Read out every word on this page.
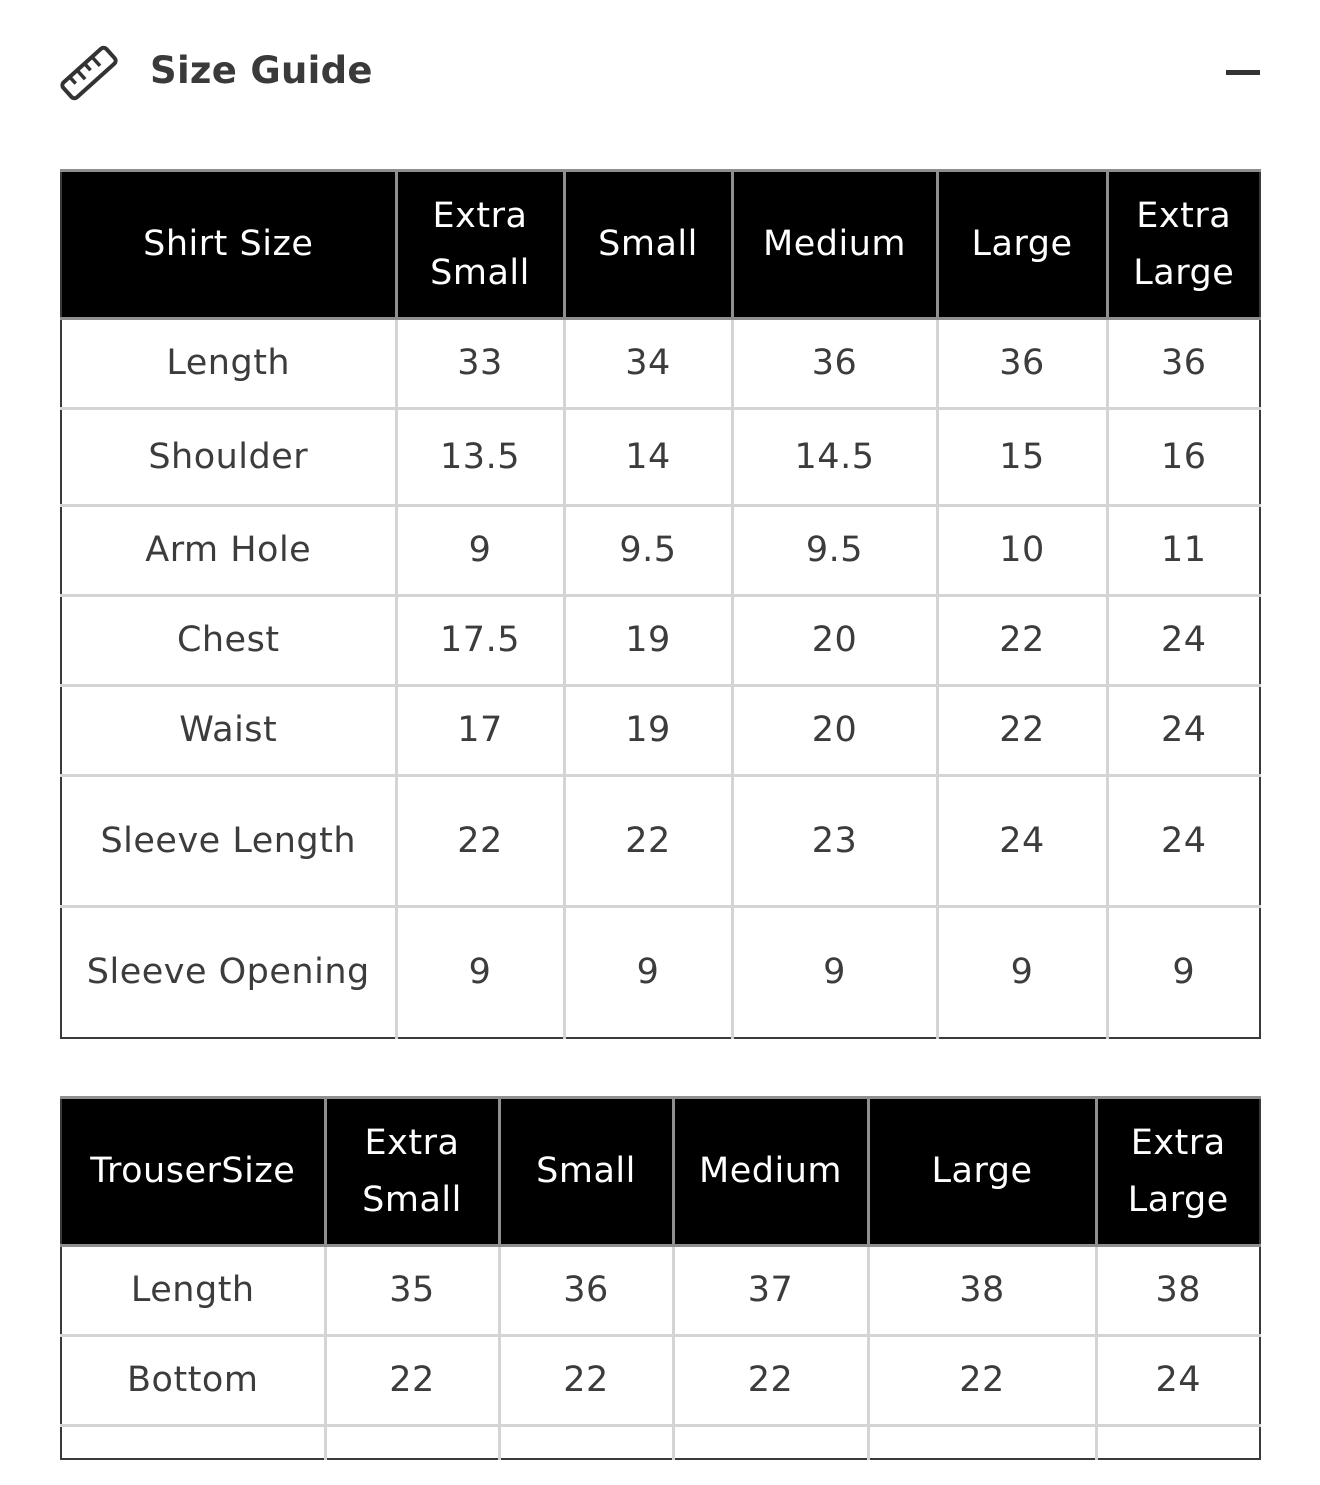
Size Guide
Shirt Size	Extra Small	Small	Medium	Large	Extra Large
Length	33	34	36	36	36
Shoulder	13.5	14	14.5	15	16
Arm Hole	9	9.5	9.5	10	11
Chest	17.5	19	20	22	24
Waist	17	19	20	22	24
Sleeve Length	22	22	23	24	24
Sleeve Opening	9	9	9	9	9
TrouserSize	Extra Small	Small	Medium	Large	Extra Large
Length	35	36	37	38	38
Bottom	22	22	22	22	24
